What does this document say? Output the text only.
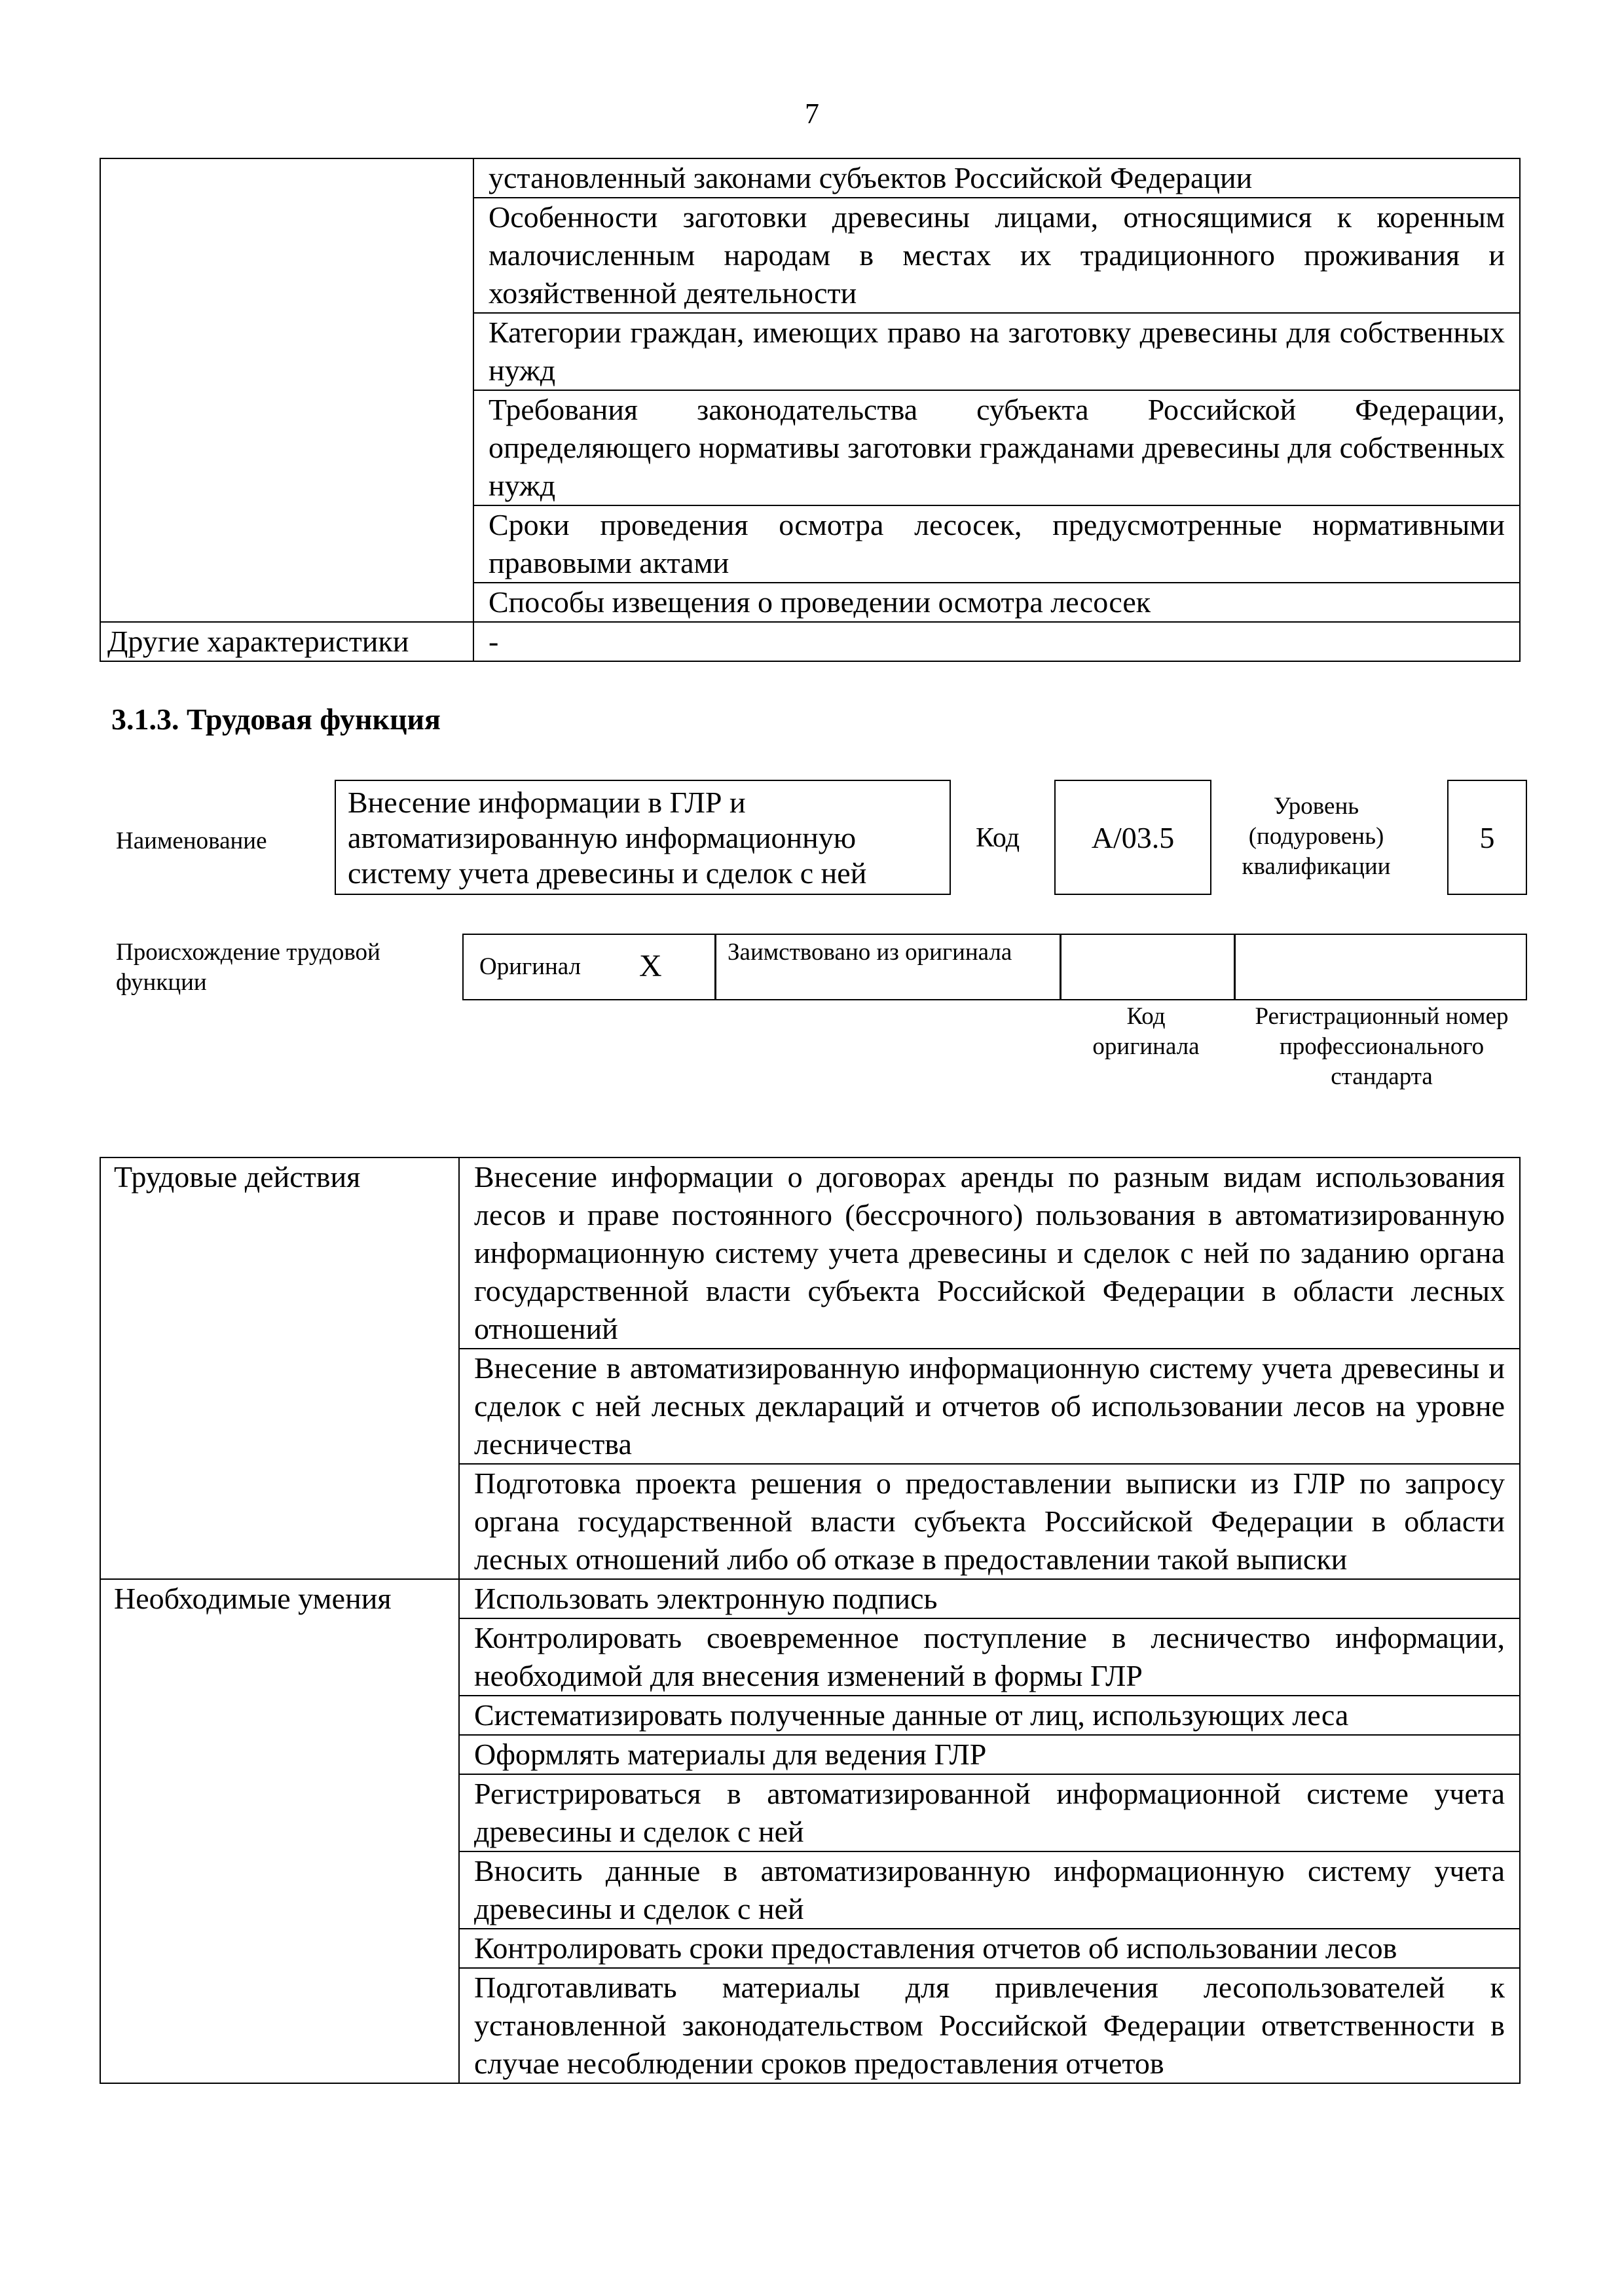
7
	установленный законами субъектов Российской Федерации
	Особенности заготовки древесины лицами, относящимися к коренным малочисленным народам в местах их традиционного проживания и хозяйственной деятельности
	Категории граждан, имеющих право на заготовку древесины для собственных нужд
	Требования законодательства субъекта Российской Федерации, определяющего нормативы заготовки гражданами древесины для собственных нужд
	Сроки проведения осмотра лесосек, предусмотренные нормативными правовыми актами
	Способы извещения о проведении осмотра лесосек
Другие характеристики	-
3.1.3. Трудовая функция
Наименование
Внесение информации в ГЛР и автоматизированную информационную систему учета древесины и сделок с ней
Код А/03.5
Уровень (подуровень) квалификации
5
Происхождение трудовой функции
Оригинал X	Заимствовано из оригинала
Код оригинала
Регистрационный номер профессионального стандарта
Трудовые действия	Внесение информации о договорах аренды по разным видам использования лесов и праве постоянного (бессрочного) пользования в автоматизированную информационную систему учета древесины и сделок с ней по заданию органа государственной власти субъекта Российской Федерации в области лесных отношений
	Внесение в автоматизированную информационную систему учета древесины и сделок с ней лесных деклараций и отчетов об использовании лесов на уровне лесничества
	Подготовка проекта решения о предоставлении выписки из ГЛР по запросу органа государственной власти субъекта Российской Федерации в области лесных отношений либо об отказе в предоставлении такой выписки
Необходимые умения	Использовать электронную подпись
	Контролировать своевременное поступление в лесничество информации, необходимой для внесения изменений в формы ГЛР
	Систематизировать полученные данные от лиц, использующих леса
	Оформлять материалы для ведения ГЛР
	Регистрироваться в автоматизированной информационной системе учета древесины и сделок с ней
	Вносить данные в автоматизированную информационную систему учета древесины и сделок с ней
	Контролировать сроки предоставления отчетов об использовании лесов
	Подготавливать материалы для привлечения лесопользователей к установленной законодательством Российской Федерации ответственности в случае несоблюдении сроков предоставления отчетов
